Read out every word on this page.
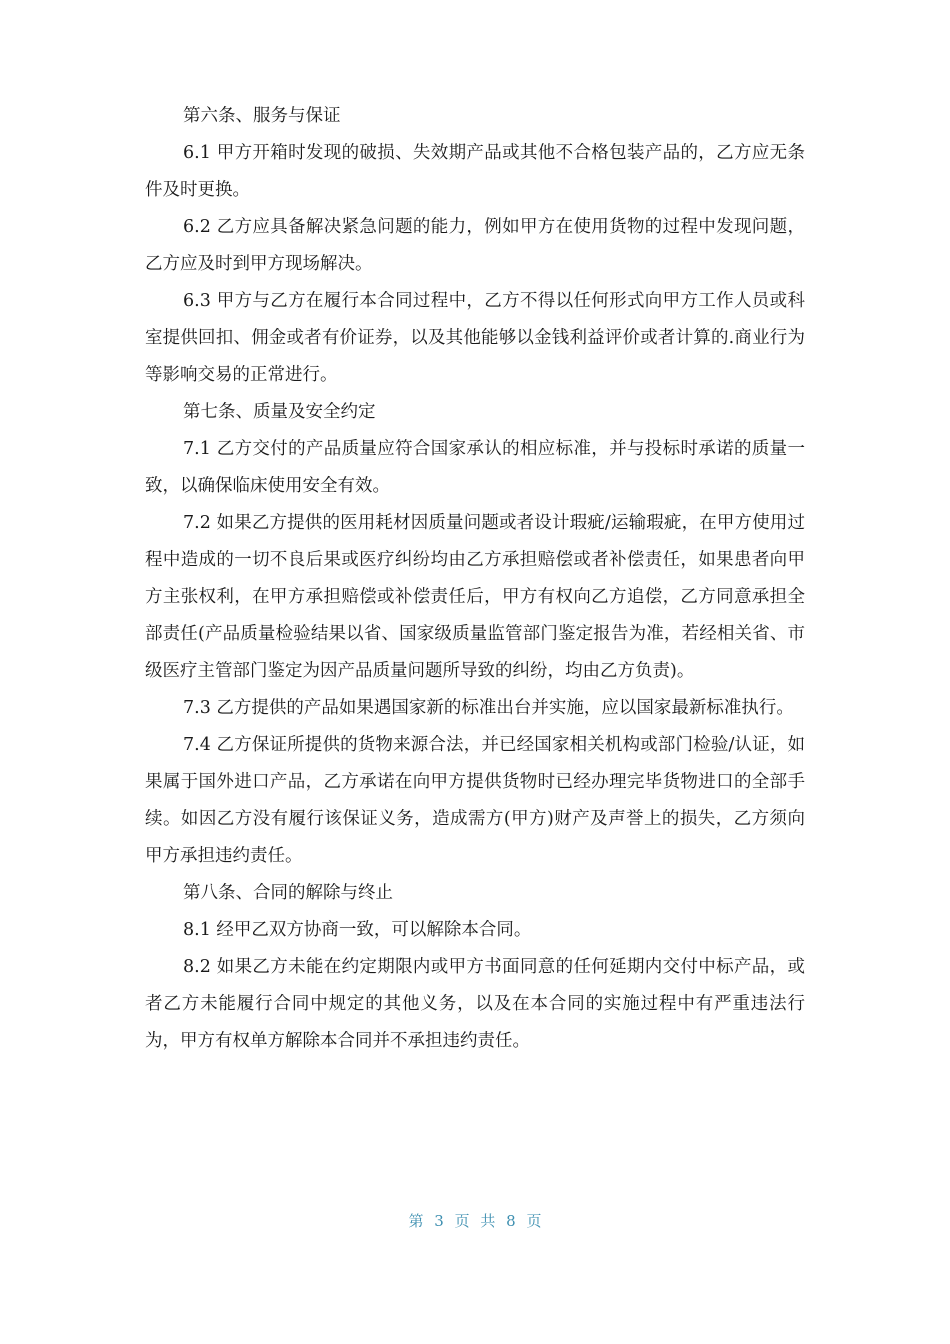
第六条、服务与保证

6.1 甲方开箱时发现的破损、失效期产品或其他不合格包装产品的，乙方应无条件及时更换。

6.2 乙方应具备解决紧急问题的能力，例如甲方在使用货物的过程中发现问题，乙方应及时到甲方现场解决。

6.3 甲方与乙方在履行本合同过程中，乙方不得以任何形式向甲方工作人员或科室提供回扣、佣金或者有价证券，以及其他能够以金钱利益评价或者计算的.商业行为等影响交易的正常进行。

第七条、质量及安全约定

7.1 乙方交付的产品质量应符合国家承认的相应标准，并与投标时承诺的质量一致，以确保临床使用安全有效。

7.2 如果乙方提供的医用耗材因质量问题或者设计瑕疵/运输瑕疵，在甲方使用过程中造成的一切不良后果或医疗纠纷均由乙方承担赔偿或者补偿责任，如果患者向甲方主张权利，在甲方承担赔偿或补偿责任后，甲方有权向乙方追偿，乙方同意承担全部责任(产品质量检验结果以省、国家级质量监管部门鉴定报告为准，若经相关省、市级医疗主管部门鉴定为因产品质量问题所导致的纠纷，均由乙方负责)。

7.3 乙方提供的产品如果遇国家新的标准出台并实施，应以国家最新标准执行。

7.4 乙方保证所提供的货物来源合法，并已经国家相关机构或部门检验/认证，如果属于国外进口产品，乙方承诺在向甲方提供货物时已经办理完毕货物进口的全部手续。如因乙方没有履行该保证义务，造成需方(甲方)财产及声誉上的损失，乙方须向甲方承担违约责任。

第八条、合同的解除与终止

8.1 经甲乙双方协商一致，可以解除本合同。

8.2 如果乙方未能在约定期限内或甲方书面同意的任何延期内交付中标产品，或者乙方未能履行合同中规定的其他义务，以及在本合同的实施过程中有严重违法行为，甲方有权单方解除本合同并不承担违约责任。

第 3 页 共 8 页
